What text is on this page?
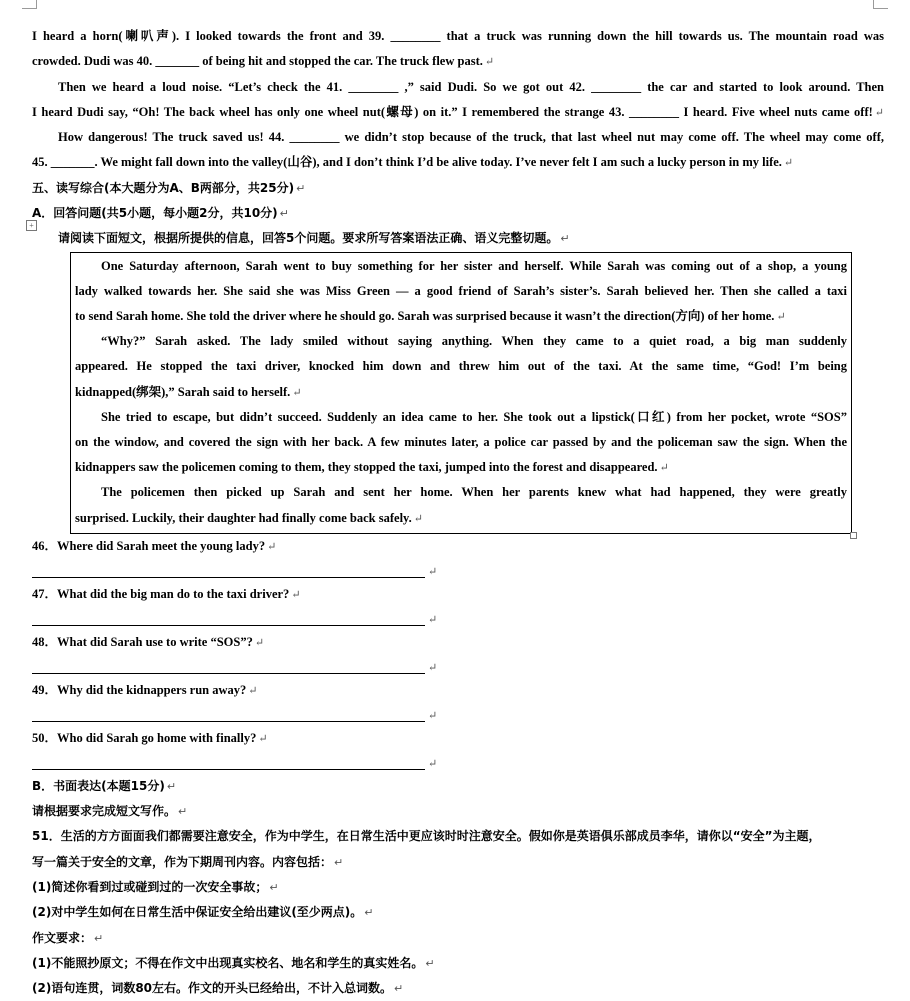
I heard a horn(喇叭声). I looked towards the front and 39. ________ that a truck was running down the hill towards us. The mountain road was
crowded. Dudi was 40. _______ of being hit and stopped the car. The truck flew past. ↵
Then we heard a loud noise. “Let’s check the 41. ________ ,” said Dudi. So we got out 42. ________ the car and started to look around. Then
I heard Dudi say, “Oh! The back wheel has only one wheel nut(螺母) on it.” I remembered the strange 43. ________ I heard. Five wheel nuts came off! ↵
How dangerous! The truck saved us! 44. ________ we didn’t stop because of the truck, that last wheel nut may come off. The wheel may come off,
45. _______. We might fall down into the valley(山谷), and I don’t think I’d be alive today. I’ve never felt I am such a lucky person in my life. ↵
五、读写综合(本大题分为A、B两部分，共25分) ↵
A．回答问题(共5小题，每小题2分，共10分) ↵
请阅读下面短文，根据所提供的信息，回答5个问题。要求所写答案语法正确、语义完整切题。 ↵
One Saturday afternoon, Sarah went to buy something for her sister and herself. While Sarah was coming out of a shop, a young
lady walked towards her. She said she was Miss Green — a good friend of Sarah’s sister’s. Sarah believed her. Then she called a taxi
to send Sarah home. She told the driver where he should go. Sarah was surprised because it wasn’t the direction(方向) of her home. ↵
“Why?” Sarah asked. The lady smiled without saying anything. When they came to a quiet road, a big man suddenly
appeared. He stopped the taxi driver, knocked him down and threw him out of the taxi. At the same time, “God! I’m being
kidnapped(绑架),” Sarah said to herself. ↵
She tried to escape, but didn’t succeed. Suddenly an idea came to her. She took out a lipstick(口红) from her pocket, wrote “SOS”
on the window, and covered the sign with her back. A few minutes later, a police car passed by and the policeman saw the sign. When the
kidnappers saw the policemen coming to them, they stopped the taxi, jumped into the forest and disappeared. ↵
The policemen then picked up Sarah and sent her home. When her parents knew what had happened, they were greatly
surprised. Luckily, their daughter had finally come back safely. ↵
46．Where did Sarah meet the young lady? ↵
↵
47．What did the big man do to the taxi driver? ↵
↵
48．What did Sarah use to write “SOS”? ↵
↵
49．Why did the kidnappers run away? ↵
↵
50．Who did Sarah go home with finally? ↵
↵
B．书面表达(本题15分) ↵
请根据要求完成短文写作。 ↵
51．生活的方方面面我们都需要注意安全，作为中学生，在日常生活中更应该时时注意安全。假如你是英语俱乐部成员李华，请你以“安全”为主题，
写一篇关于安全的文章，作为下期周刊内容。内容包括： ↵
(1)简述你看到过或碰到过的一次安全事故； ↵
(2)对中学生如何在日常生活中保证安全给出建议(至少两点)。 ↵
作文要求： ↵
(1)不能照抄原文；不得在作文中出现真实校名、地名和学生的真实姓名。 ↵
(2)语句连贯，词数80左右。作文的开头已经给出，不计入总词数。 ↵
+
